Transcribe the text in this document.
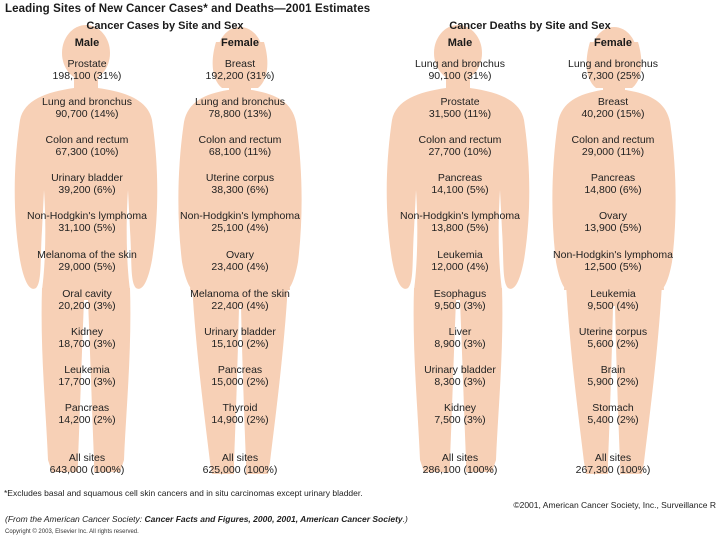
Leading Sites of New Cancer Cases* and Deaths—2001 Estimates
Cancer Cases by Site and Sex	Cancer Deaths by Site and Sex
Male	Female	Male	Female
Prostate
198,100 (31%)
Lung and bronchus
90,700 (14%)
Colon and rectum
67,300 (10%)
Urinary bladder
39,200 (6%)
Non-Hodgkin's lymphoma
31,100 (5%)
Melanoma of the skin
29,000 (5%)
Oral cavity
20,200 (3%)
Kidney
18,700 (3%)
Leukemia
17,700 (3%)
Pancreas
14,200 (2%)
All sites
643,000 (100%)
Breast
192,200 (31%)
Lung and bronchus
78,800 (13%)
Colon and rectum
68,100 (11%)
Uterine corpus
38,300 (6%)
Non-Hodgkin's lymphoma
25,100 (4%)
Ovary
23,400 (4%)
Melanoma of the skin
22,400 (4%)
Urinary bladder
15,100 (2%)
Pancreas
15,000 (2%)
Thyroid
14,900 (2%)
All sites
625,000 (100%)
Lung and bronchus
90,100 (31%)
Prostate
31,500 (11%)
Colon and rectum
27,700 (10%)
Pancreas
14,100 (5%)
Non-Hodgkin's lymphoma
13,800 (5%)
Leukemia
12,000 (4%)
Esophagus
9,500 (3%)
Liver
8,900 (3%)
Urinary bladder
8,300 (3%)
Kidney
7,500 (3%)
All sites
286,100 (100%)
Lung and bronchus
67,300 (25%)
Breast
40,200 (15%)
Colon and rectum
29,000 (11%)
Pancreas
14,800 (6%)
Ovary
13,900 (5%)
Non-Hodgkin's lymphoma
12,500 (5%)
Leukemia
9,500 (4%)
Uterine corpus
5,600 (2%)
Brain
5,900 (2%)
Stomach
5,400 (2%)
All sites
267,300 (100%)
*Excludes basal and squamous cell skin cancers and in situ carcinomas except urinary bladder.
©2001, American Cancer Society, Inc., Surveillance R
(From the American Cancer Society: Cancer Facts and Figures, 2000, 2001, American Cancer Society.)
Copyright © 2003, Elsevier Inc. All rights reserved.
